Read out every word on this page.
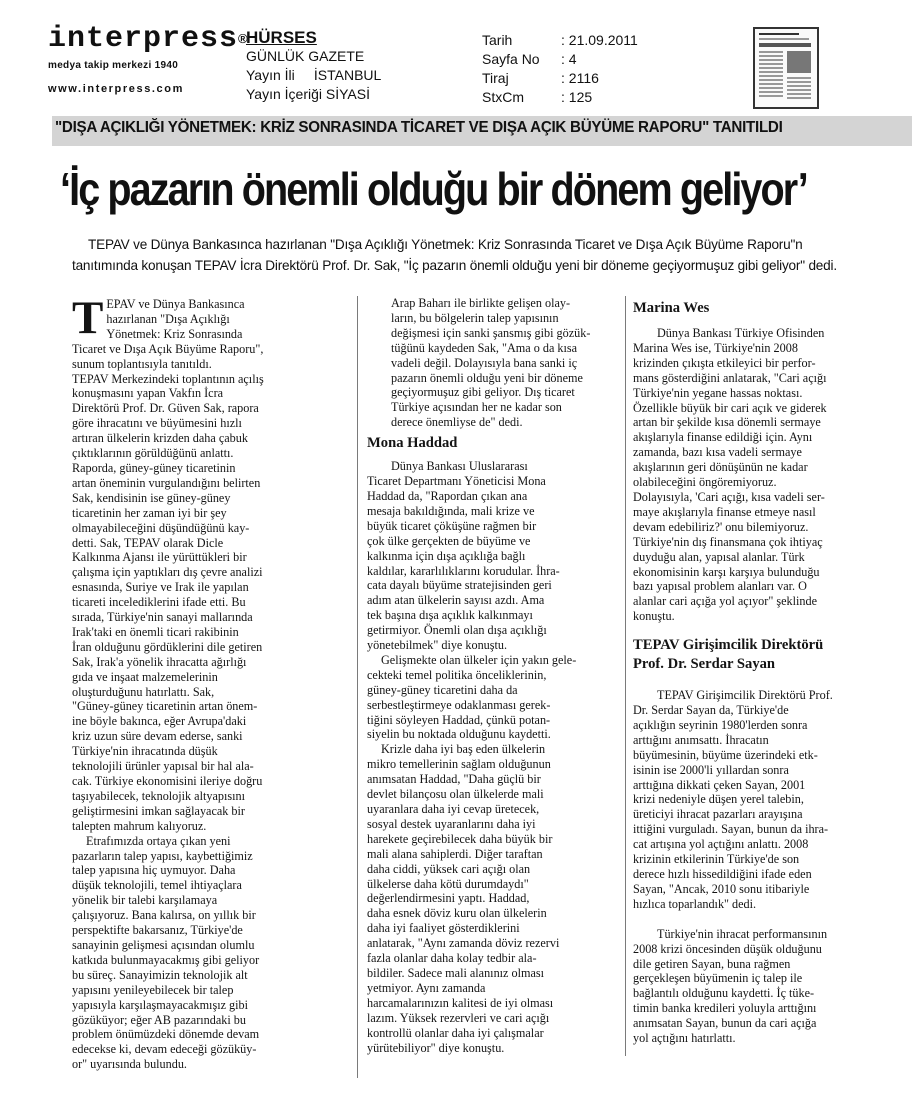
interpress®
medya takip merkezi 1940
www.interpress.com
HÜRSES
GÜNLÜK GAZETE
Yayın İli İSTANBUL
Yayın İçeriği SİYASİ
Tarih	: 21.09.2011
Sayfa No	: 4
Tiraj	: 2116
StxCm	: 125
"DIŞA AÇIKLIĞI YÖNETMEK: KRİZ SONRASINDA TİCARET VE DIŞA AÇIK BÜYÜME RAPORU" TANITILDI
‘İç pazarın önemli olduğu bir dönem geliyor’
TEPAV ve Dünya Bankasınca hazırlanan "Dışa Açıklığı Yönetmek: Kriz Sonrasında Ticaret ve Dışa Açık Büyüme Raporu"n
tanıtımında konuşan TEPAV İcra Direktörü Prof. Dr. Sak, "İç pazarın önemli olduğu yeni bir döneme geçiyormuşuz gibi geliyor" dedi.
T EPAV ve Dünya Bankasınca
hazırlanan "Dışa Açıklığı
Yönetmek: Kriz Sonrasında
Ticaret ve Dışa Açık Büyüme Raporu",
sunum toplantısıyla tanıtıldı.
TEPAV Merkezindeki toplantının açılış
konuşmasını yapan Vakfın İcra
Direktörü Prof. Dr. Güven Sak, rapora
göre ihracatını ve büyümesini hızlı
artıran ülkelerin krizden daha çabuk
çıktıklarının görüldüğünü anlattı.
Raporda, güney-güney ticaretinin
artan öneminin vurgulandığını belirten
Sak, kendisinin ise güney-güney
ticaretinin her zaman iyi bir şey
olmayabileceğini düşündüğünü kay-
detti. Sak, TEPAV olarak Dicle
Kalkınma Ajansı ile yürüttükleri bir
çalışma için yaptıkları dış çevre analizi
esnasında, Suriye ve Irak ile yapılan
ticareti incelediklerini ifade etti. Bu
sırada, Türkiye'nin sanayi mallarında
Irak'taki en önemli ticari rakibinin
İran olduğunu gördüklerini dile getiren
Sak, Irak'a yönelik ihracatta ağırlığı
gıda ve inşaat malzemelerinin
oluşturduğunu hatırlattı. Sak,
"Güney-güney ticaretinin artan önem-
ine böyle bakınca, eğer Avrupa'daki
kriz uzun süre devam ederse, sanki
Türkiye'nin ihracatında düşük
teknolojili ürünler yapısal bir hal ala-
cak. Türkiye ekonomisini ileriye doğru
taşıyabilecek, teknolojik altyapısını
geliştirmesini imkan sağlayacak bir
talepten mahrum kalıyoruz.
Etrafımızda ortaya çıkan yeni
pazarların talep yapısı, kaybettiğimiz
talep yapısına hiç uymuyor. Daha
düşük teknolojili, temel ihtiyaçlara
yönelik bir talebi karşılamaya
çalışıyoruz. Bana kalırsa, on yıllık bir
perspektifte bakarsanız, Türkiye'de
sanayinin gelişmesi açısından olumlu
katkıda bulunmayacakmış gibi geliyor
bu süreç. Sanayimizin teknolojik alt
yapısını yenileyebilecek bir talep
yapısıyla karşılaşmayacakmışız gibi
gözüküyor; eğer AB pazarındaki bu
problem önümüzdeki dönemde devam
edecekse ki, devam edeceği gözüküy-
or" uyarısında bulundu.
Arap Baharı ile birlikte gelişen olay-
ların, bu bölgelerin talep yapısının
değişmesi için sanki şansmış gibi gözük-
tüğünü kaydeden Sak, "Ama o da kısa
vadeli değil. Dolayısıyla bana sanki iç
pazarın önemli olduğu yeni bir döneme
geçiyormuşuz gibi geliyor. Dış ticaret
Türkiye açısından her ne kadar son
derece önemliyse de" dedi.
Mona Haddad
Dünya Bankası Uluslararası
Ticaret Departmanı Yöneticisi Mona
Haddad da, "Rapordan çıkan ana
mesaja bakıldığında, mali krize ve
büyük ticaret çöküşüne rağmen bir
çok ülke gerçekten de büyüme ve
kalkınma için dışa açıklığa bağlı
kaldılar, kararlılıklarını korudular. İhra-
cata dayalı büyüme stratejisinden geri
adım atan ülkelerin sayısı azdı. Ama
tek başına dışa açıklık kalkınmayı
getirmiyor. Önemli olan dışa açıklığı
yönetebilmek" diye konuştu.
Gelişmekte olan ülkeler için yakın gele-
cekteki temel politika önceliklerinin,
güney-güney ticaretini daha da
serbestleştirmeye odaklanması gerek-
tiğini söyleyen Haddad, çünkü potan-
siyelin bu noktada olduğunu kaydetti.
Krizle daha iyi baş eden ülkelerin
mikro temellerinin sağlam olduğunun
anımsatan Haddad, "Daha güçlü bir
devlet bilançosu olan ülkelerde mali
uyaranlara daha iyi cevap üretecek,
sosyal destek uyaranlarını daha iyi
harekete geçirebilecek daha büyük bir
mali alana sahiplerdi. Diğer taraftan
daha ciddi, yüksek cari açığı olan
ülkelerse daha kötü durumdaydı"
değerlendirmesini yaptı. Haddad,
daha esnek döviz kuru olan ülkelerin
daha iyi faaliyet gösterdiklerini
anlatarak, "Aynı zamanda döviz rezervi
fazla olanlar daha kolay tedbir ala-
bildiler. Sadece mali alanınız olması
yetmiyor. Aynı zamanda
harcamalarınızın kalitesi de iyi olması
lazım. Yüksek rezervleri ve cari açığı
kontrollü olanlar daha iyi çalışmalar
yürütebiliyor" diye konuştu.
Marina Wes
Dünya Bankası Türkiye Ofisinden
Marina Wes ise, Türkiye'nin 2008
krizinden çıkışta etkileyici bir perfor-
mans gösterdiğini anlatarak, "Cari açığı
Türkiye'nin yegane hassas noktası.
Özellikle büyük bir cari açık ve giderek
artan bir şekilde kısa dönemli sermaye
akışlarıyla finanse edildiği için. Aynı
zamanda, bazı kısa vadeli sermaye
akışlarının geri dönüşünün ne kadar
olabileceğini öngöremiyoruz.
Dolayısıyla, 'Cari açığı, kısa vadeli ser-
maye akışlarıyla finanse etmeye nasıl
devam edebiliriz?' onu bilemiyoruz.
Türkiye'nin dış finansmana çok ihtiyaç
duyduğu alan, yapısal alanlar. Türk
ekonomisinin karşı karşıya bulunduğu
bazı yapısal problem alanları var. O
alanlar cari açığa yol açıyor" şeklinde
konuştu.
TEPAV Girişimcilik Direktörü
Prof. Dr. Serdar Sayan
TEPAV Girişimcilik Direktörü Prof.
Dr. Serdar Sayan da, Türkiye'de
açıklığın seyrinin 1980'lerden sonra
arttığını anımsattı. İhracatın
büyümesinin, büyüme üzerindeki etk-
isinin ise 2000'li yıllardan sonra
arttığına dikkati çeken Sayan, 2001
krizi nedeniyle düşen yerel talebin,
üreticiyi ihracat pazarları arayışına
ittiğini vurguladı. Sayan, bunun da ihra-
cat artışına yol açtığını anlattı. 2008
krizinin etkilerinin Türkiye'de son
derece hızlı hissedildiğini ifade eden
Sayan, "Ancak, 2010 sonu itibariyle
hızlıca toparlandık" dedi.
Türkiye'nin ihracat performansının
2008 krizi öncesinden düşük olduğunu
dile getiren Sayan, buna rağmen
gerçekleşen büyümenin iç talep ile
bağlantılı olduğunu kaydetti. İç tüke-
timin banka kredileri yoluyla arttığını
anımsatan Sayan, bunun da cari açığa
yol açtığını hatırlattı.
